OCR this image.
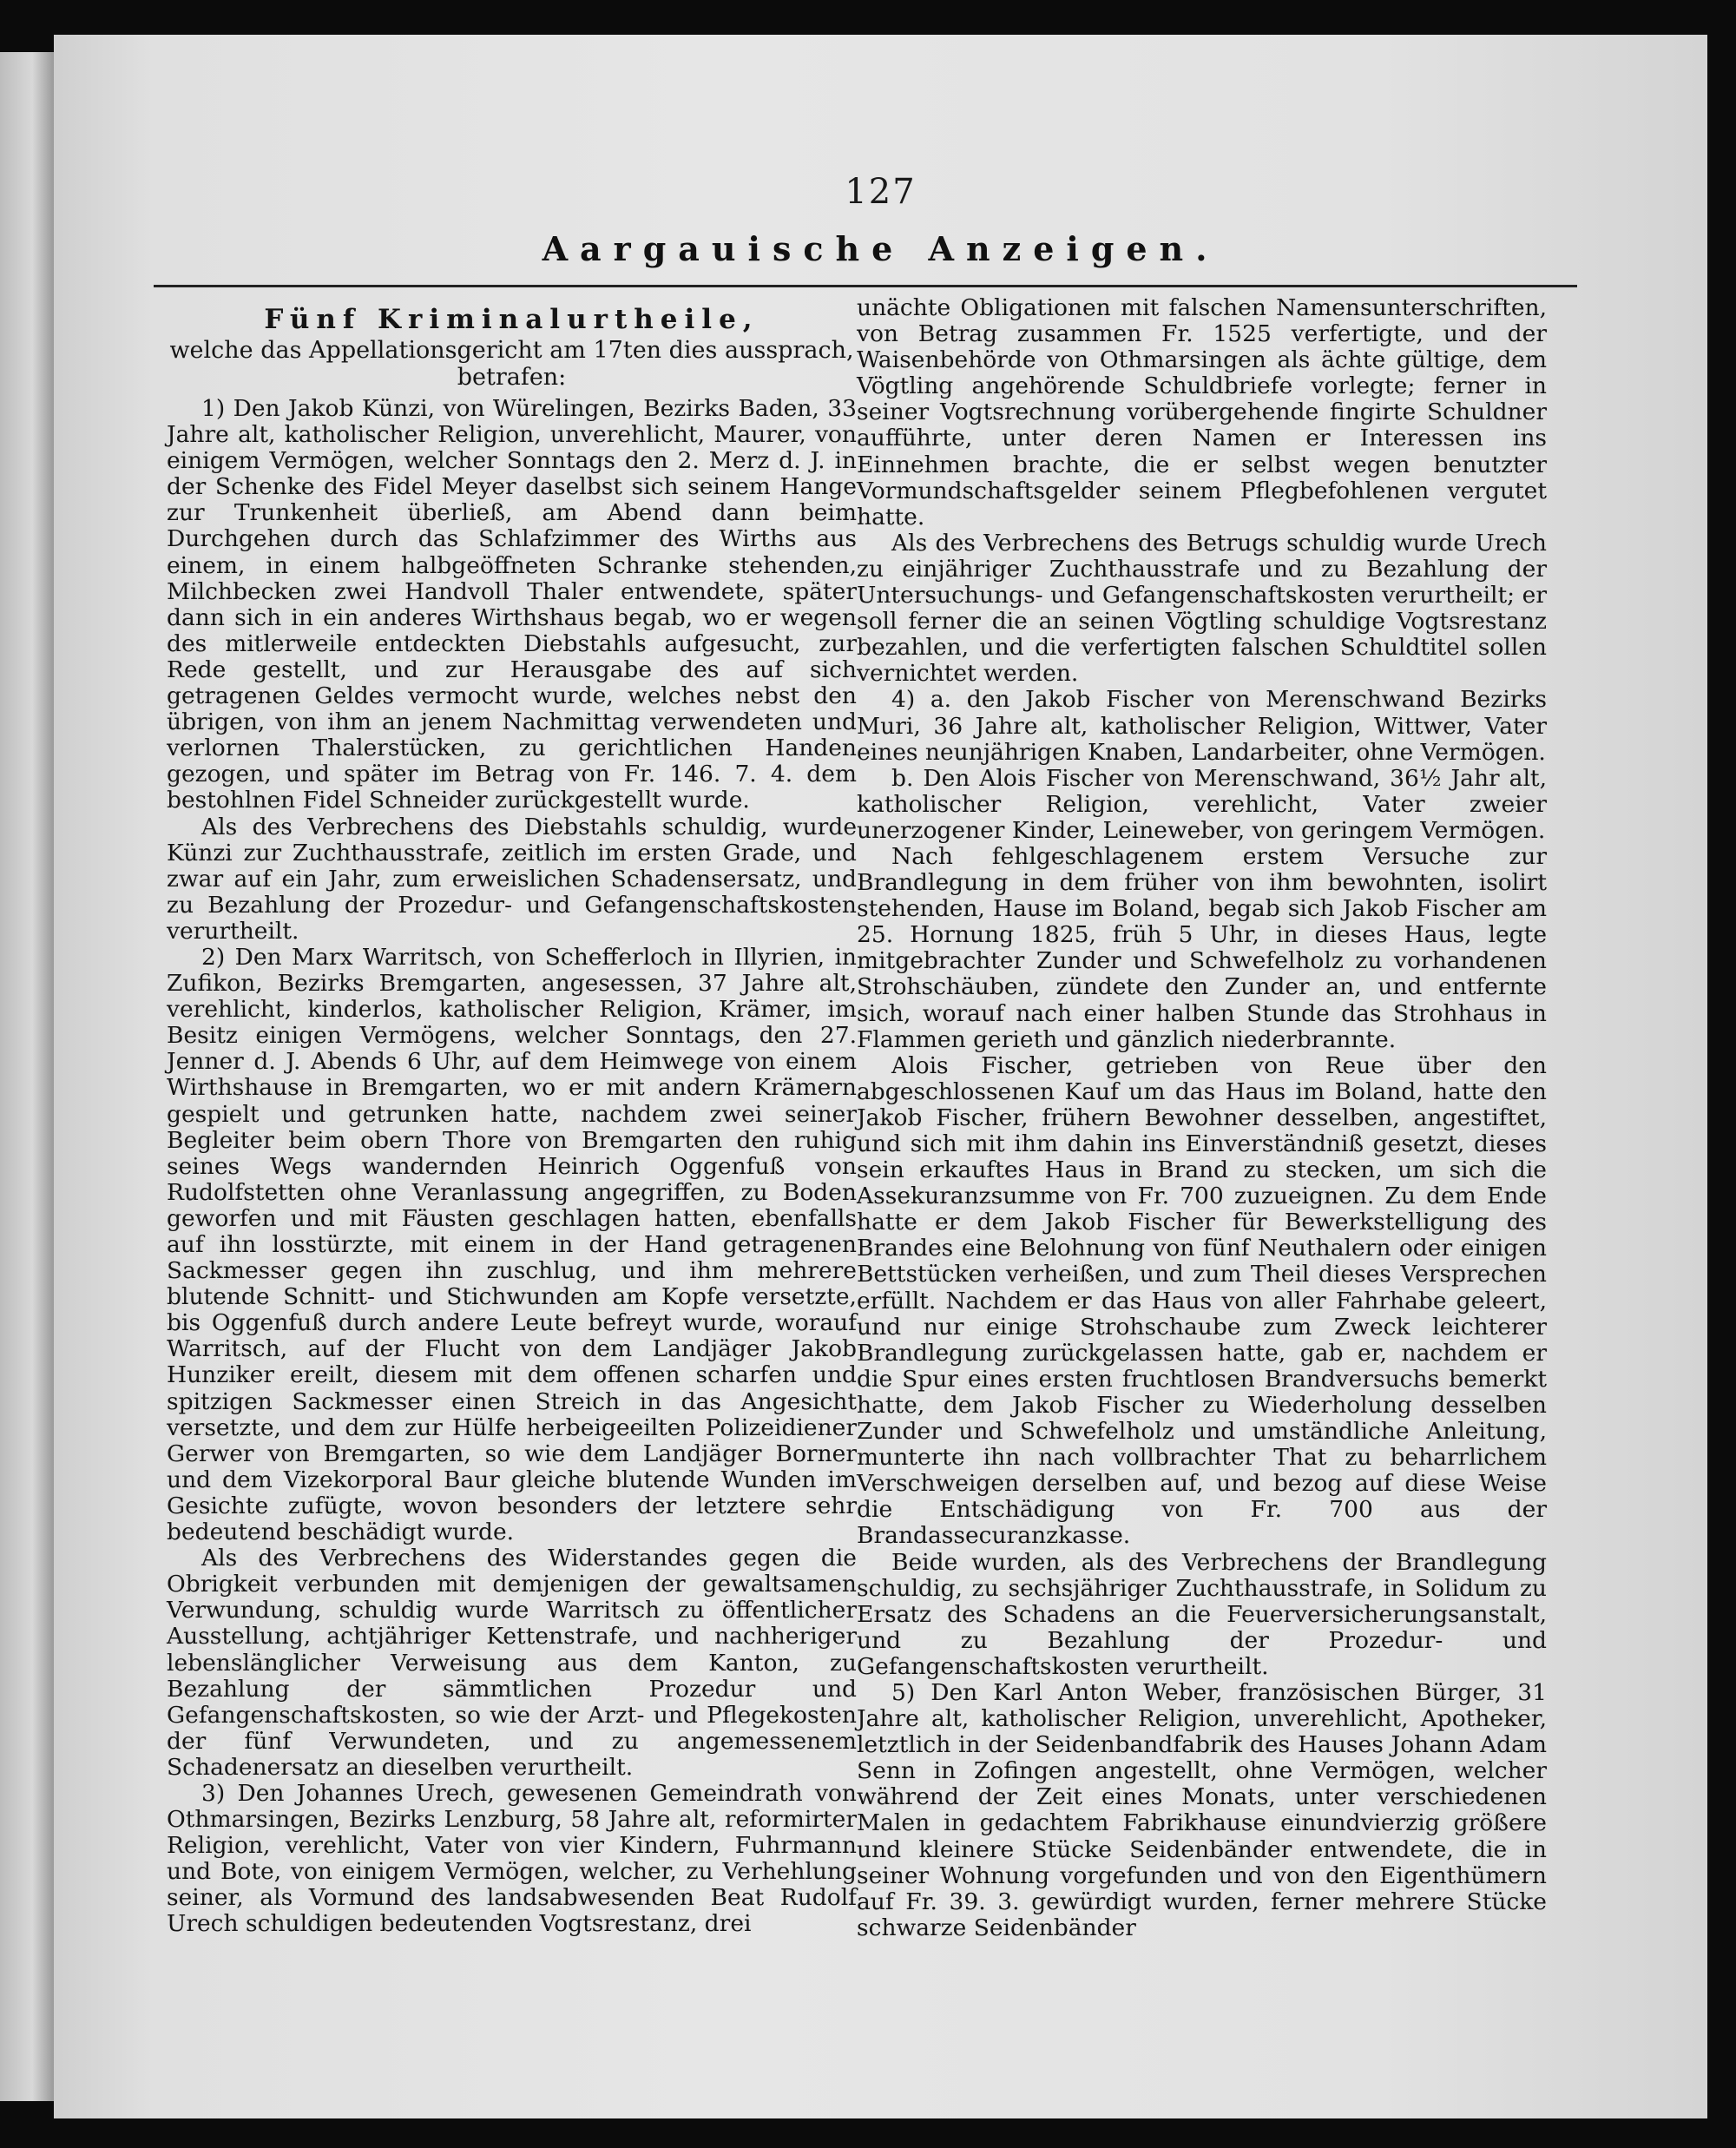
127
Aargauische Anzeigen.
Fünf Kriminalurtheile,
welche das Appellationsgericht am 17ten dies aussprach,
betrafen:

1) Den Jakob Künzi, von Würelingen, Bezirks Baden, 33 Jahre alt, katholischer Religion, unverehlicht, Maurer, von einigem Vermögen, welcher Sonntags den 2. Merz d. J. in der Schenke des Fidel Meyer daselbst sich seinem Hange zur Trunkenheit überließ, am Abend dann beim Durchgehen durch das Schlafzimmer des Wirths aus einem, in einem halbgeöffneten Schranke stehenden, Milchbecken zwei Handvoll Thaler entwendete, später dann sich in ein anderes Wirthshaus begab, wo er wegen des mitlerweile entdeckten Diebstahls aufgesucht, zur Rede gestellt, und zur Herausgabe des auf sich getragenen Geldes vermocht wurde, welches nebst den übrigen, von ihm an jenem Nachmittag verwendeten und verlornen Thalerstücken, zu gerichtlichen Handen gezogen, und später im Betrag von Fr. 146. 7. 4. dem bestohlnen Fidel Schneider zurückgestellt wurde.

Als des Verbrechens des Diebstahls schuldig, wurde Künzi zur Zuchthausstrafe, zeitlich im ersten Grade, und zwar auf ein Jahr, zum erweislichen Schadensersatz, und zu Bezahlung der Prozedur- und Gefangenschaftskosten verurtheilt.

2) Den Marx Warritsch, von Schefferloch in Illyrien, in Zufikon, Bezirks Bremgarten, angesessen, 37 Jahre alt, verehlicht, kinderlos, katholischer Religion, Krämer, im Besitz einigen Vermögens, welcher Sonntags, den 27. Jenner d. J. Abends 6 Uhr, auf dem Heimwege von einem Wirthshause in Bremgarten, wo er mit andern Krämern gespielt und getrunken hatte, nachdem zwei seiner Begleiter beim obern Thore von Bremgarten den ruhig seines Wegs wandernden Heinrich Oggenfuß von Rudolfstetten ohne Veranlassung angegriffen, zu Boden geworfen und mit Fäusten geschlagen hatten, ebenfalls auf ihn losstürzte, mit einem in der Hand getragenen Sackmesser gegen ihn zuschlug, und ihm mehrere blutende Schnitt- und Stichwunden am Kopfe versetzte, bis Oggenfuß durch andere Leute befreyt wurde, worauf Warritsch, auf der Flucht von dem Landjäger Jakob Hunziker ereilt, diesem mit dem offenen scharfen und spitzigen Sackmesser einen Streich in das Angesicht versetzte, und dem zur Hülfe herbeigeeilten Polizeidiener Gerwer von Bremgarten, so wie dem Landjäger Borner und dem Vizekorporal Baur gleiche blutende Wunden im Gesichte zufügte, wovon besonders der letztere sehr bedeutend beschädigt wurde.

Als des Verbrechens des Widerstandes gegen die Obrigkeit verbunden mit demjenigen der gewaltsamen Verwundung, schuldig wurde Warritsch zu öffentlicher Ausstellung, achtjähriger Kettenstrafe, und nachheriger lebenslänglicher Verweisung aus dem Kanton, zu Bezahlung der sämmtlichen Prozedur und Gefangenschaftskosten, so wie der Arzt- und Pflegekosten der fünf Verwundeten, und zu angemessenem Schadenersatz an dieselben verurtheilt.

3) Den Johannes Urech, gewesenen Gemeindrath von Othmarsingen, Bezirks Lenzburg, 58 Jahre alt, reformirter Religion, verehlicht, Vater von vier Kindern, Fuhrmann und Bote, von einigem Vermögen, welcher, zu Verhehlung seiner, als Vormund des landsabwesenden Beat Rudolf Urech schuldigen bedeutenden Vogtsrestanz, drei

unächte Obligationen mit falschen Namensunterschriften, von Betrag zusammen Fr. 1525 verfertigte, und der Waisenbehörde von Othmarsingen als ächte gültige, dem Vögtling angehörende Schuldbriefe vorlegte; ferner in seiner Vogtsrechnung vorübergehende fingirte Schuldner aufführte, unter deren Namen er Interessen ins Einnehmen brachte, die er selbst wegen benutzter Vormundschaftsgelder seinem Pflegbefohlenen vergutet hatte.

Als des Verbrechens des Betrugs schuldig wurde Urech zu einjähriger Zuchthausstrafe und zu Bezahlung der Untersuchungs- und Gefangenschaftskosten verurtheilt; er soll ferner die an seinen Vögtling schuldige Vogtsrestanz bezahlen, und die verfertigten falschen Schuldtitel sollen vernichtet werden.

4) a. den Jakob Fischer von Merenschwand Bezirks Muri, 36 Jahre alt, katholischer Religion, Wittwer, Vater eines neunjährigen Knaben, Landarbeiter, ohne Vermögen.

b. Den Alois Fischer von Merenschwand, 36½ Jahr alt, katholischer Religion, verehlicht, Vater zweier unerzogener Kinder, Leineweber, von geringem Vermögen.

Nach fehlgeschlagenem erstem Versuche zur Brandlegung in dem früher von ihm bewohnten, isolirt stehenden, Hause im Boland, begab sich Jakob Fischer am 25. Hornung 1825, früh 5 Uhr, in dieses Haus, legte mitgebrachter Zunder und Schwefelholz zu vorhandenen Strohschäuben, zündete den Zunder an, und entfernte sich, worauf nach einer halben Stunde das Strohhaus in Flammen gerieth und gänzlich niederbrannte.

Alois Fischer, getrieben von Reue über den abgeschlossenen Kauf um das Haus im Boland, hatte den Jakob Fischer, frühern Bewohner desselben, angestiftet, und sich mit ihm dahin ins Einverständniß gesetzt, dieses sein erkauftes Haus in Brand zu stecken, um sich die Assekuranzsumme von Fr. 700 zuzueignen. Zu dem Ende hatte er dem Jakob Fischer für Bewerkstelligung des Brandes eine Belohnung von fünf Neuthalern oder einigen Bettstücken verheißen, und zum Theil dieses Versprechen erfüllt. Nachdem er das Haus von aller Fahrhabe geleert, und nur einige Strohschaube zum Zweck leichterer Brandlegung zurückgelassen hatte, gab er, nachdem er die Spur eines ersten fruchtlosen Brandversuchs bemerkt hatte, dem Jakob Fischer zu Wiederholung desselben Zunder und Schwefelholz und umständliche Anleitung, munterte ihn nach vollbrachter That zu beharrlichem Verschweigen derselben auf, und bezog auf diese Weise die Entschädigung von Fr. 700 aus der Brandassecuranzkasse.

Beide wurden, als des Verbrechens der Brandlegung schuldig, zu sechsjähriger Zuchthausstrafe, in Solidum zu Ersatz des Schadens an die Feuerversicherungsanstalt, und zu Bezahlung der Prozedur- und Gefangenschaftskosten verurtheilt.

5) Den Karl Anton Weber, französischen Bürger, 31 Jahre alt, katholischer Religion, unverehlicht, Apotheker, letztlich in der Seidenbandfabrik des Hauses Johann Adam Senn in Zofingen angestellt, ohne Vermögen, welcher während der Zeit eines Monats, unter verschiedenen Malen in gedachtem Fabrikhause einundvierzig größere und kleinere Stücke Seidenbänder entwendete, die in seiner Wohnung vorgefunden und von den Eigenthümern auf Fr. 39. 3. gewürdigt wurden, ferner mehrere Stücke schwarze Seidenbänder
